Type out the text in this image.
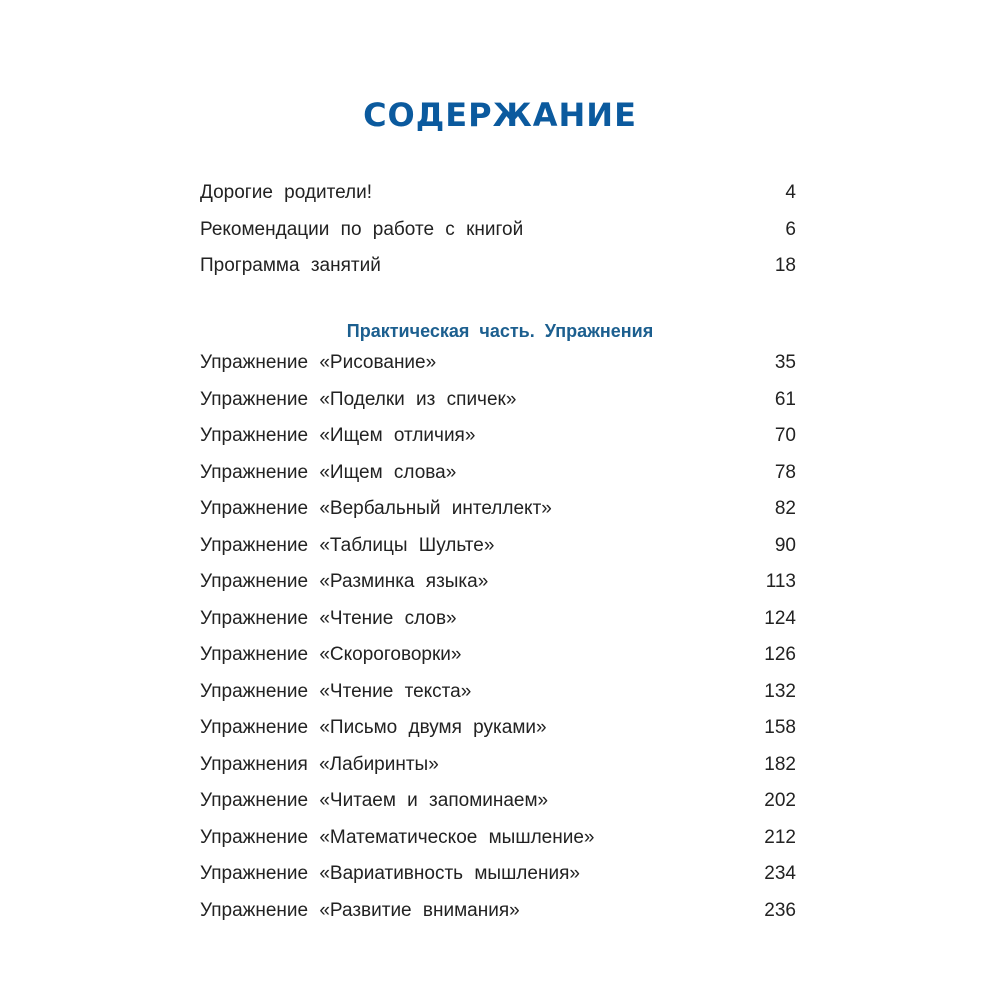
СОДЕРЖАНИЕ
Дорогие родители!	4
Рекомендации по работе с книгой	6
Программа занятий	18
Практическая часть. Упражнения
Упражнение «Рисование»	35
Упражнение «Поделки из спичек»	61
Упражнение «Ищем отличия»	70
Упражнение «Ищем слова»	78
Упражнение «Вербальный интеллект»	82
Упражнение «Таблицы Шульте»	90
Упражнение «Разминка языка»	113
Упражнение «Чтение слов»	124
Упражнение «Скороговорки»	126
Упражнение «Чтение текста»	132
Упражнение «Письмо двумя руками»	158
Упражнения «Лабиринты»	182
Упражнение «Читаем и запоминаем»	202
Упражнение «Математическое мышление»	212
Упражнение «Вариативность мышления»	234
Упражнение «Развитие внимания»	236
